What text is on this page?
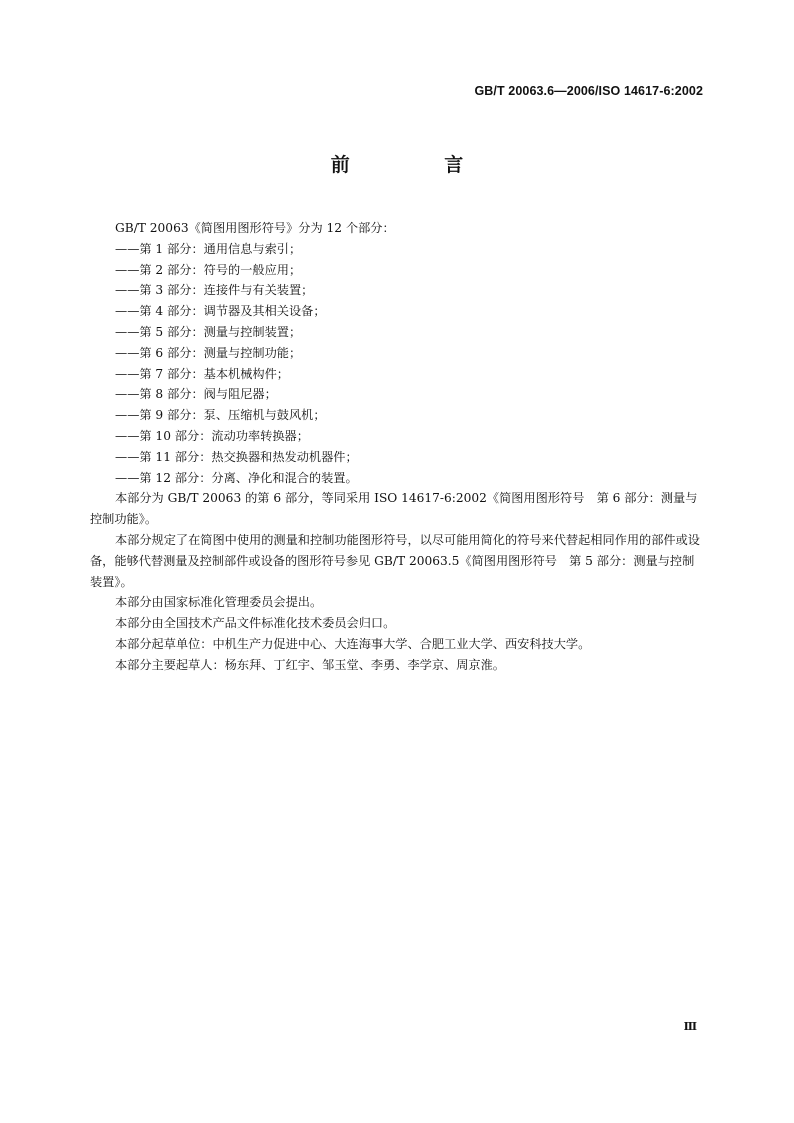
GB/T 20063.6—2006/ISO 14617-6:2002
前 言

GB/T 20063《简图用图形符号》分为 12 个部分：

——第 1 部分：通用信息与索引；

——第 2 部分：符号的一般应用；

——第 3 部分：连接件与有关装置；

——第 4 部分：调节器及其相关设备；

——第 5 部分：测量与控制装置；

——第 6 部分：测量与控制功能；

——第 7 部分：基本机械构件；

——第 8 部分：阀与阻尼器；

——第 9 部分：泵、压缩机与鼓风机；

——第 10 部分：流动功率转换器；

——第 11 部分：热交换器和热发动机器件；

——第 12 部分：分离、净化和混合的装置。

本部分为 GB/T 20063 的第 6 部分，等同采用 ISO 14617-6:2002《简图用图形符号　第 6 部分：测量与控制功能》。

本部分规定了在简图中使用的测量和控制功能图形符号，以尽可能用简化的符号来代替起相同作用的部件或设备，能够代替测量及控制部件或设备的图形符号参见 GB/T 20063.5《简图用图形符号　第 5 部分：测量与控制装置》。

本部分由国家标准化管理委员会提出。

本部分由全国技术产品文件标准化技术委员会归口。

本部分起草单位：中机生产力促进中心、大连海事大学、合肥工业大学、西安科技大学。

本部分主要起草人：杨东拜、丁红宇、邹玉堂、李勇、李学京、周京淮。

Ⅲ
